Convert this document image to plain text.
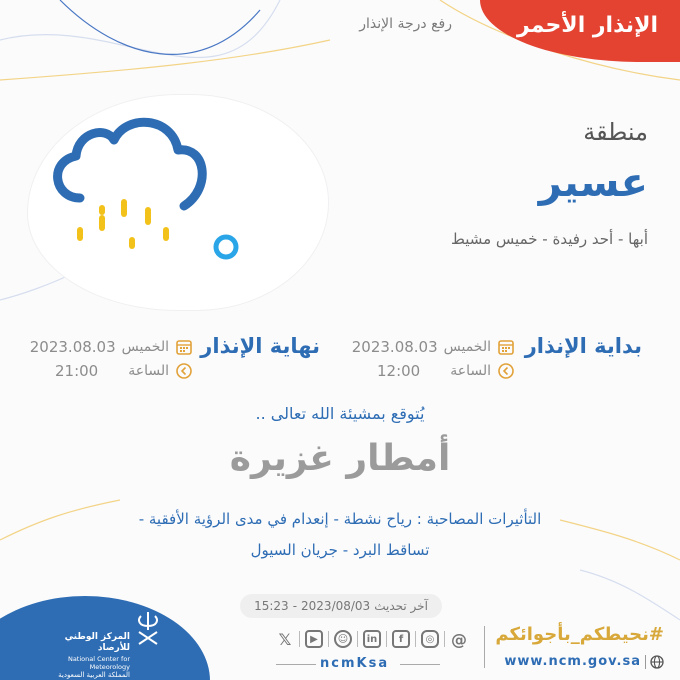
الإنذار الأحمر
رفع درجة الإنذار
منطقة
عسير
أبها - أحد رفيدة - خميس مشيط
بداية الإنذار
الخميس
2023.08.03
الساعة
12:00
نهاية الإنذار
الخميس
2023.08.03
الساعة
21:00
يُتوقع بمشيئة الله تعالى ..
أمطار غزيرة
التأثيرات المصاحبة : رياح نشطة - إنعدام في مدى الرؤية الأفقية -
تساقط البرد - جريان السيول
آخر تحديث
2023/08/03
-
15:23
المركز الوطني للأرصاد
National Center for Meteorology
المملكة العربية السعودية
𝕏	▶	☺	in	f	◎ @
ncmKsa
#نحيطكم_بأجوائكم
www.ncm.gov.sa
